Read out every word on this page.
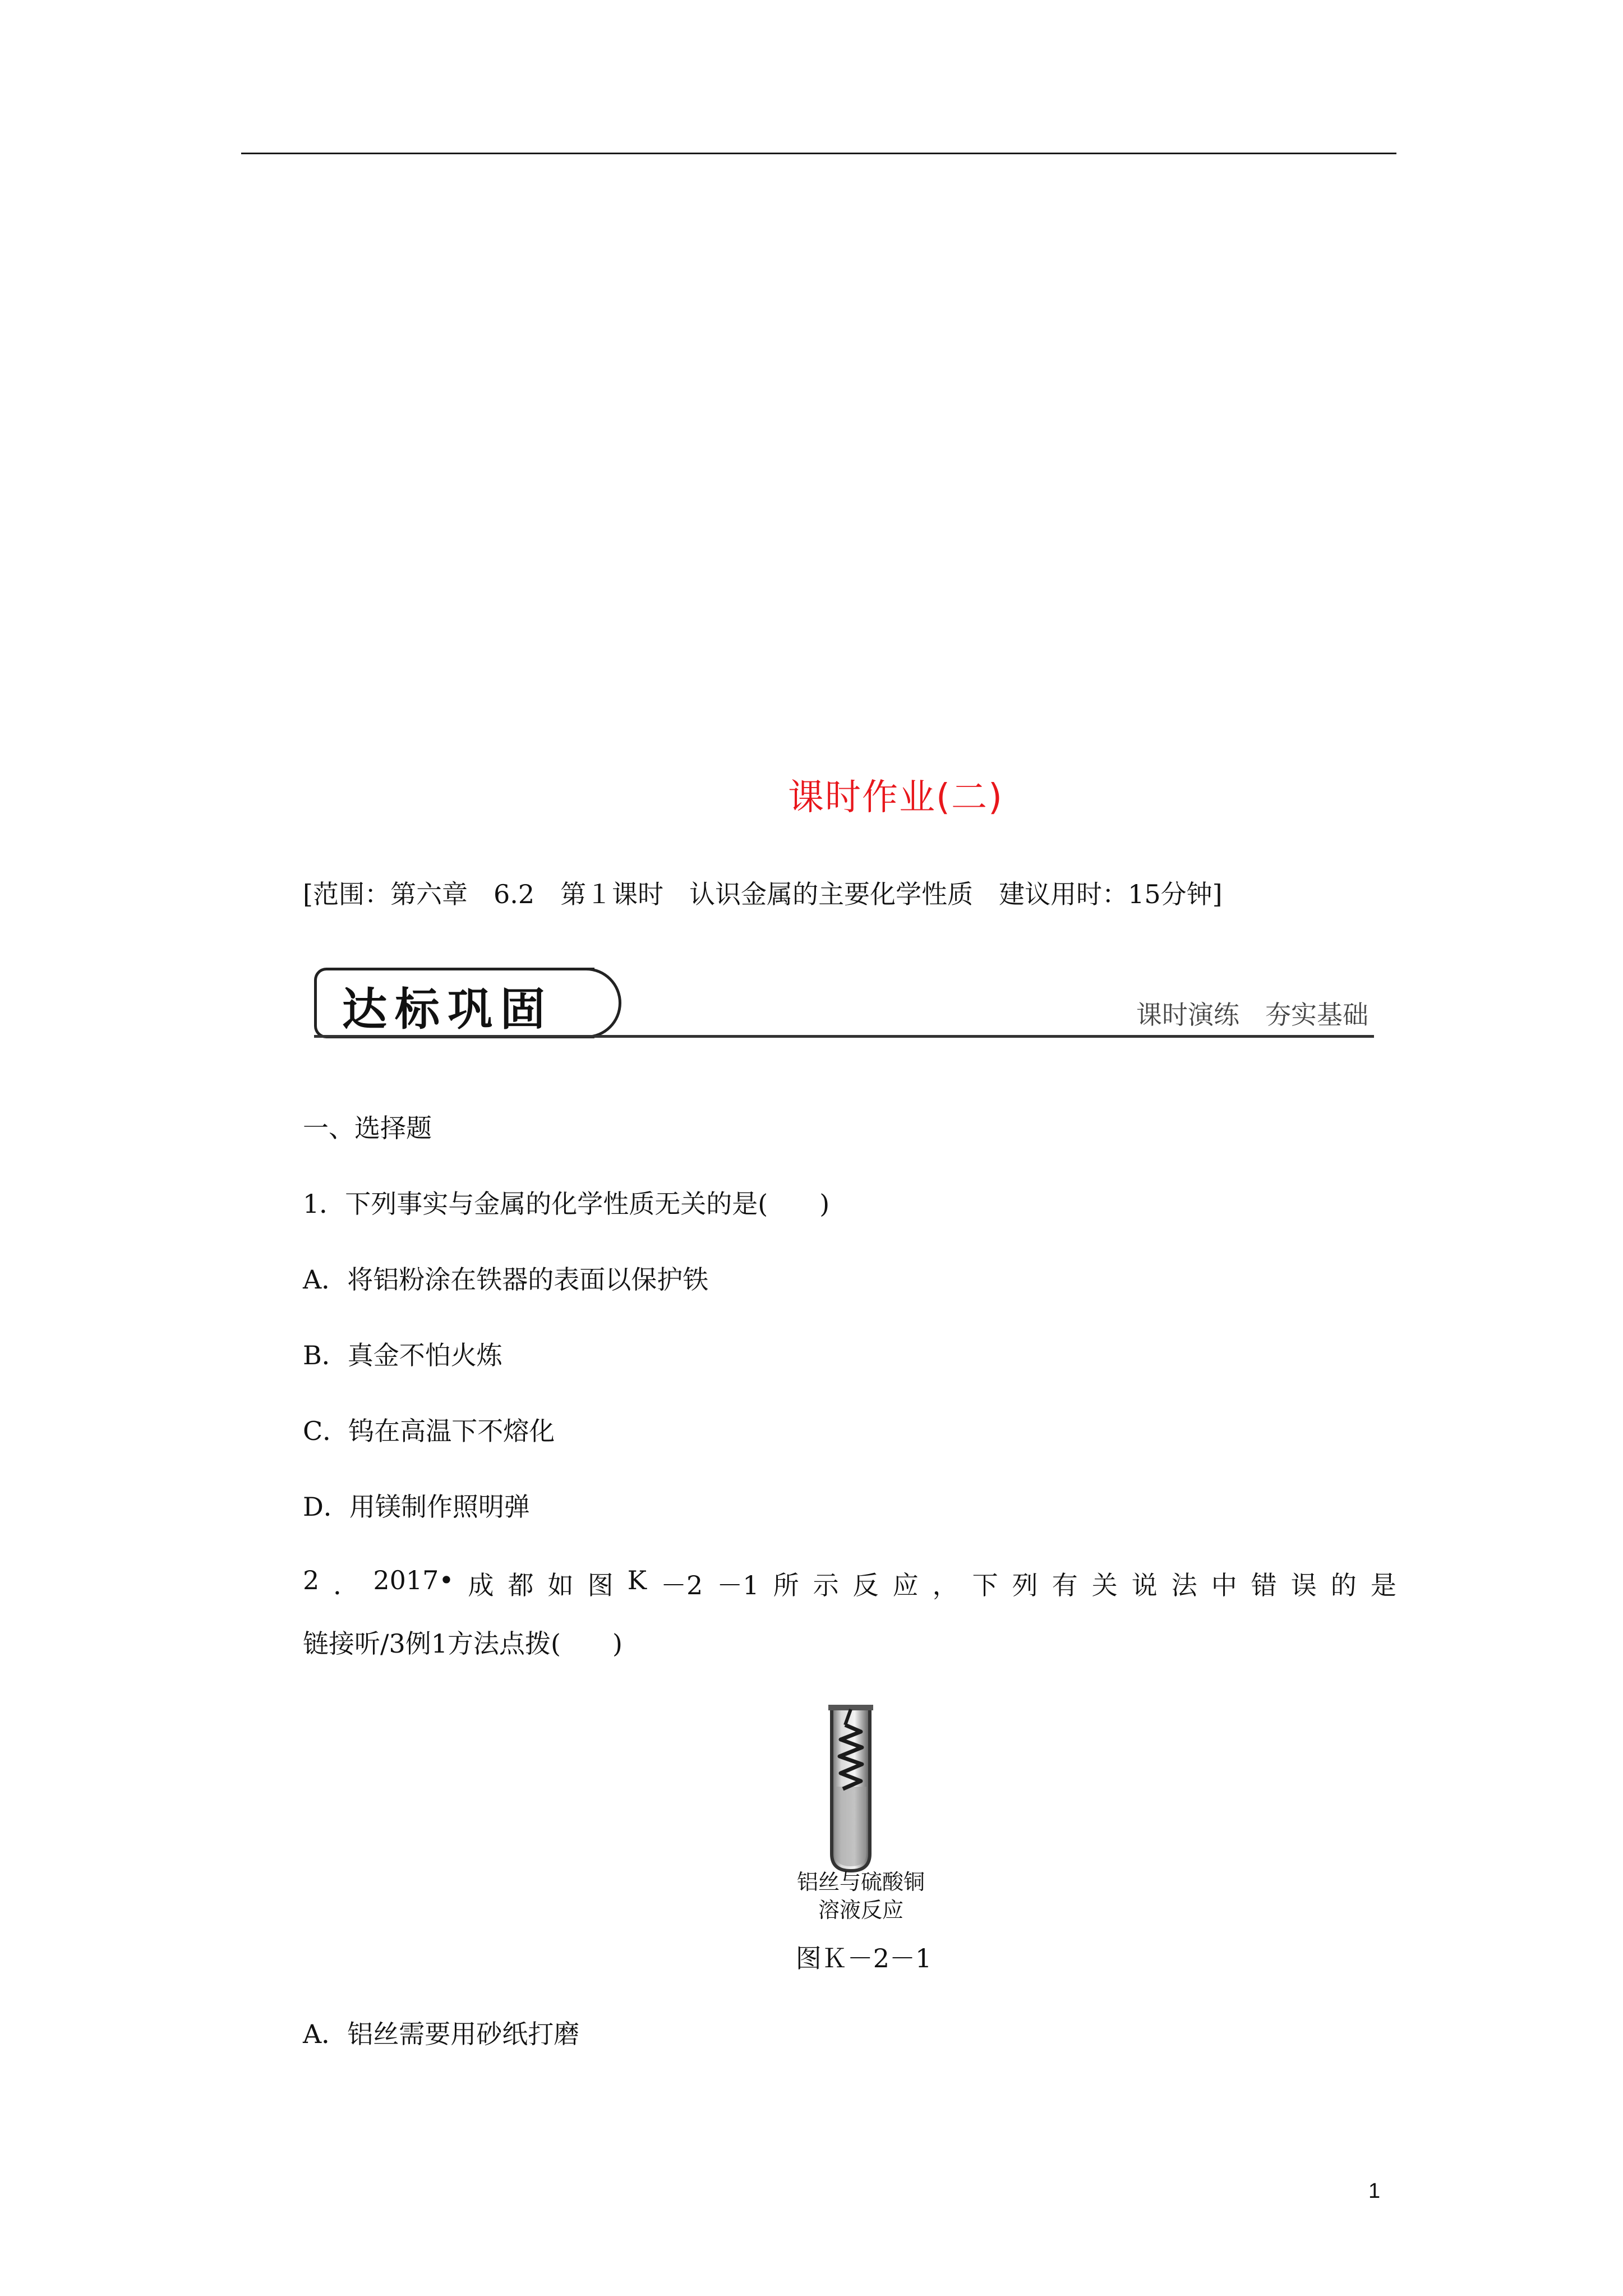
课时作业(二)
[范围：第六章　6.2　第１课时　认识金属的主要化学性质　建议用时：15分钟]
达标巩固	课时演练　夯实基础
一、选择题
1．下列事实与金属的化学性质无关的是(　　)
A．将铝粉涂在铁器的表面以保护铁
B．真金不怕火炼
C．钨在高温下不熔化
D．用镁制作照明弹
2 ． 2017• 成 都 如 图 K －2 －1 所 示 反 应 ， 下 列 有 关 说 法 中 错 误 的 是
链接听/3例1方法点拨(　　)
铝丝与硫酸铜
溶液反应
图Ｋ－2－1
A．铝丝需要用砂纸打磨
1
